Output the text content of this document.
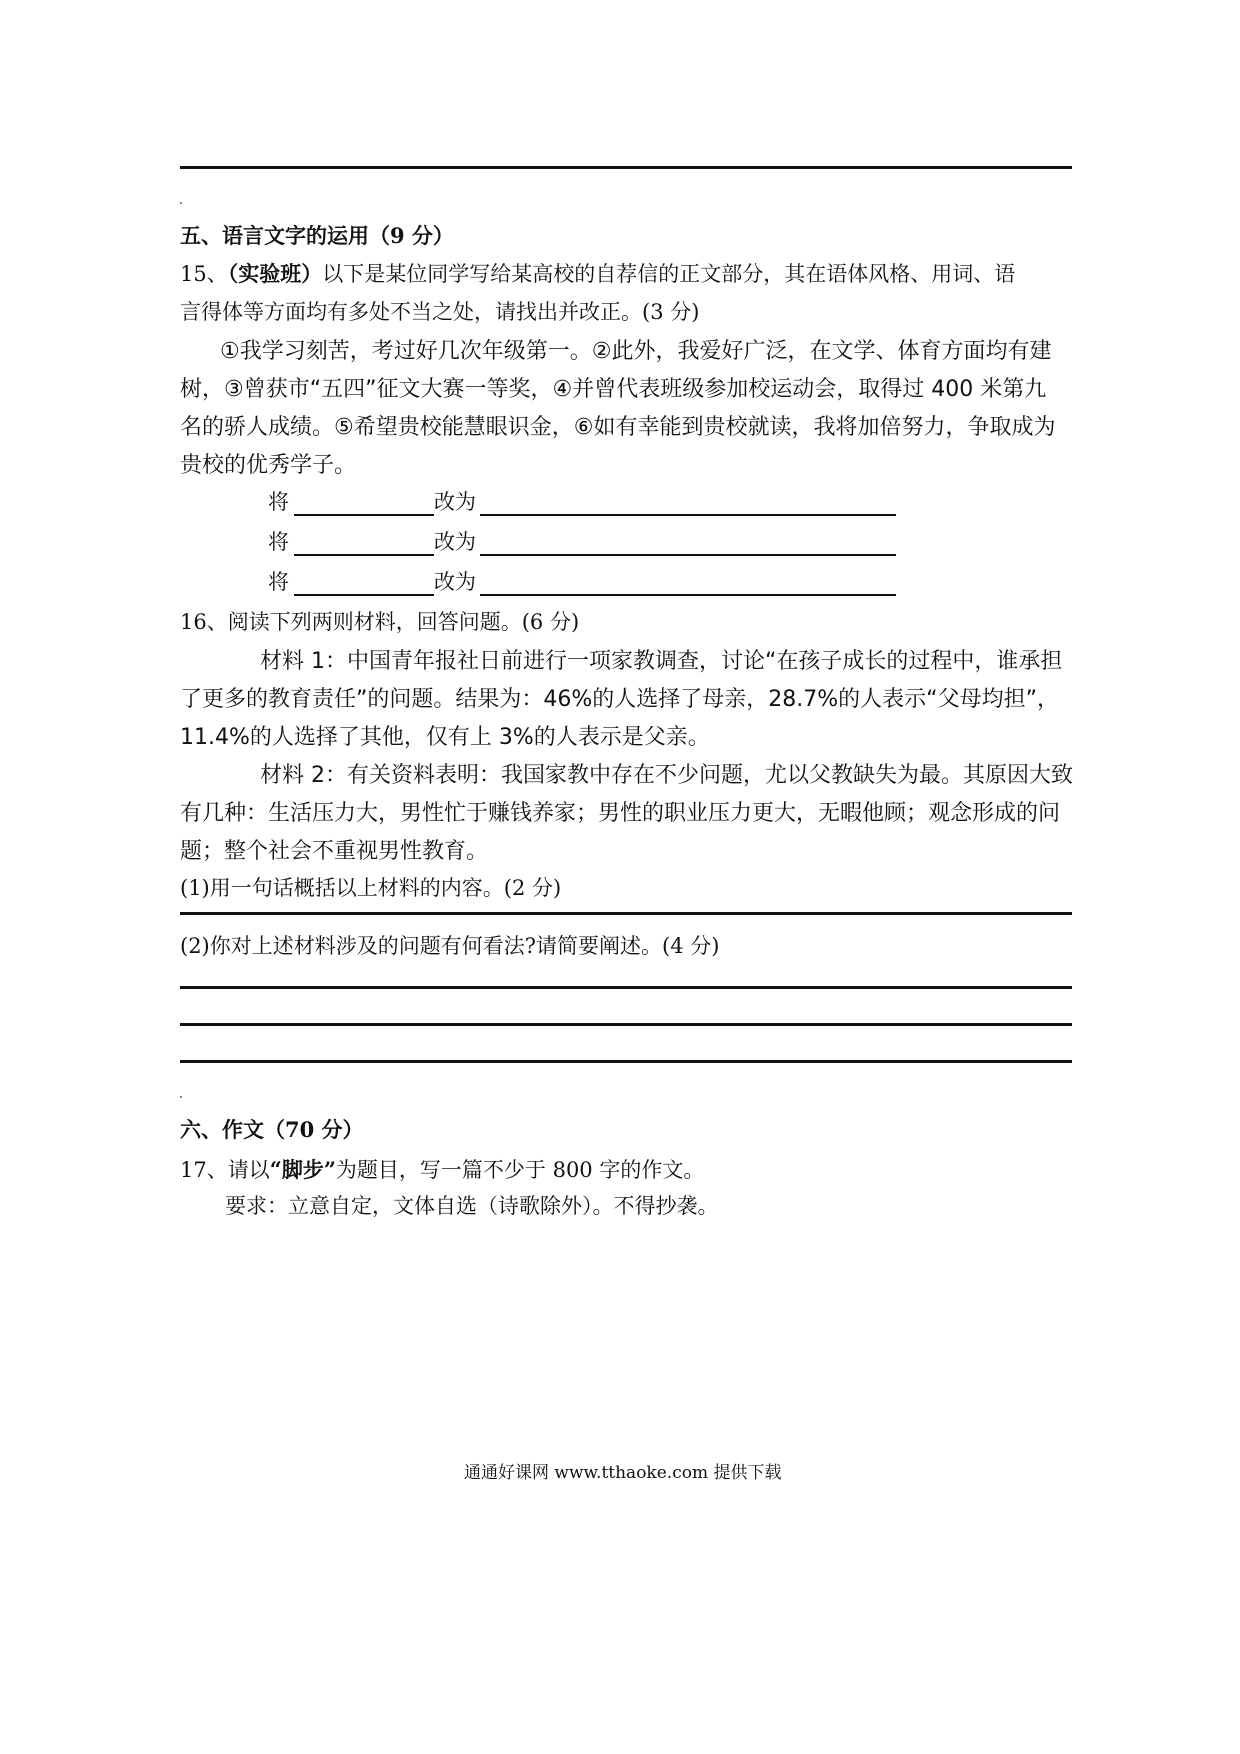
五、语言文字的运用（9 分）
15、（实验班）以下是某位同学写给某高校的自荐信的正文部分，其在语体风格、用词、语
言得体等方面均有多处不当之处，请找出并改正。(3 分)
①我学习刻苦，考过好几次年级第一。②此外，我爱好广泛，在文学、体育方面均有建
树，③曾获市“五四”征文大赛一等奖，④并曾代表班级参加校运动会，取得过 400 米第九
名的骄人成绩。⑤希望贵校能慧眼识金，⑥如有幸能到贵校就读，我将加倍努力，争取成为
贵校的优秀学子。
将	改为
将	改为
将	改为
16、阅读下列两则材料，回答问题。(6 分)
材料 1：中国青年报社日前进行一项家教调查，讨论“在孩子成长的过程中，谁承担
了更多的教育责任”的问题。结果为：46%的人选择了母亲，28.7%的人表示“父母均担”，
11.4%的人选择了其他，仅有上 3%的人表示是父亲。
材料 2：有关资料表明：我国家教中存在不少问题，尤以父教缺失为最。其原因大致
有几种：生活压力大，男性忙于赚钱养家；男性的职业压力更大，无暇他顾；观念形成的问
题；整个社会不重视男性教育。
(1)用一句话概括以上材料的内容。(2 分)
(2)你对上述材料涉及的问题有何看法?请简要阐述。(4 分)
六、作文（70 分）
17、请以“脚步”为题目，写一篇不少于 800 字的作文。
要求：立意自定，文体自选（诗歌除外）。不得抄袭。
通通好课网 www.tthaoke.com 提供下载
